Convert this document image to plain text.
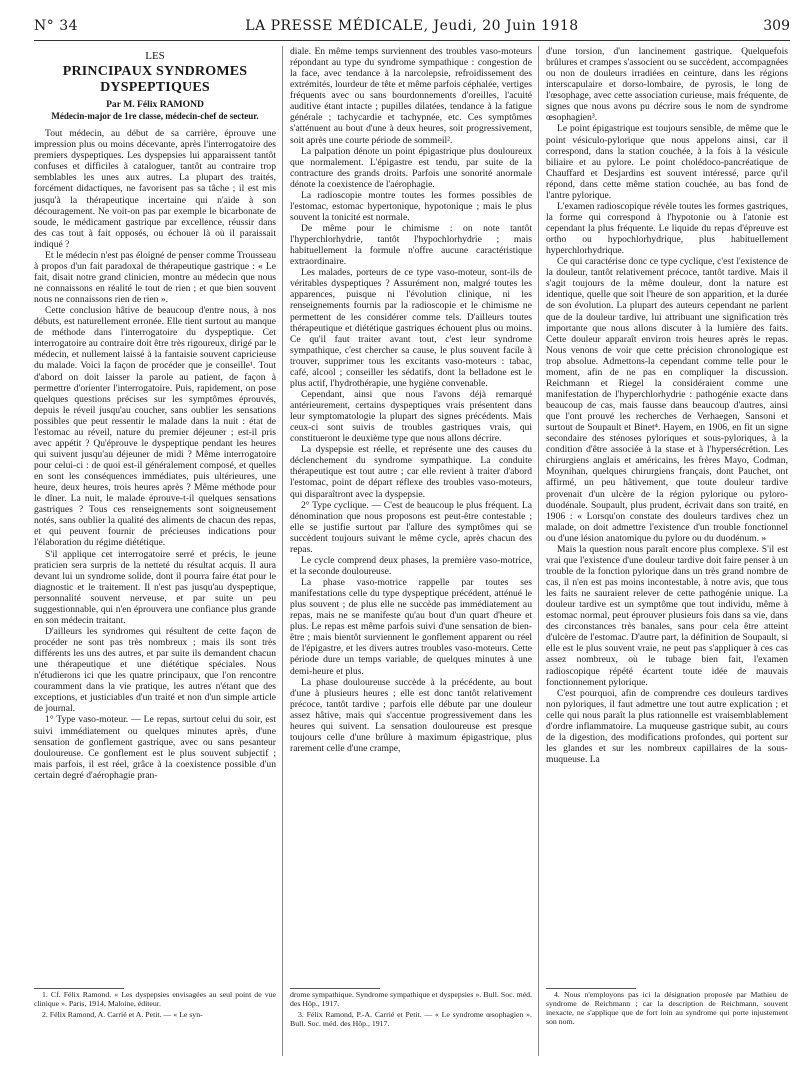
N° 34	LA PRESSE MÉDICALE, Jeudi, 20 Juin 1918	309
LES
PRINCIPAUX SYNDROMES DYSPEPTIQUES
Par M. Félix RAMOND
Médecin-major de 1re classe, médecin-chef de secteur.

Tout médecin, au début de sa carrière, éprouve une impression plus ou moins décevante, après l'interrogatoire des premiers dyspeptiques. Les dyspepsies lui apparaissent tantôt confuses et difficiles à cataloguer, tantôt au contraire trop semblables les unes aux autres. La plupart des traités, forcément didactiques, ne favorisent pas sa tâche ; il est mis jusqu'à la thérapeutique incertaine qui n'aide à son découragement. Ne voit-on pas par exemple le bicarbonate de soude, le médicament gastrique par excellence, réussir dans des cas tout à fait opposés, ou échouer là où il paraissait indiqué ?

Et le médecin n'est pas éloigné de penser comme Trousseau à propos d'un fait paradoxal de thérapeutique gastrique : « Le fait, disait notre grand clinicien, montre au médecin que nous ne connaissons en réalité le tout de rien ; et que bien souvent nous ne connaissons rien de rien ».

Cette conclusion hâtive de beaucoup d'entre nous, à nos débuts, est naturellement erronée. Elle tient surtout au manque de méthode dans l'interrogatoire du dyspeptique. Cet interrogatoire au contraire doit être très rigoureux, dirigé par le médecin, et nullement laissé à la fantaisie souvent capricieuse du malade. Voici la façon de procéder que je conseille¹. Tout d'abord on doit laisser la parole au patient, de façon à permettre d'orienter l'interrogatoire. Puis, rapidement, on pose quelques questions précises sur les symptômes éprouvés, depuis le réveil jusqu'au coucher, sans oublier les sensations possibles que peut ressentir le malade dans la nuit : état de l'estomac au réveil, nature du premier déjeuner ; est-il pris avec appétit ? Qu'éprouve le dyspeptique pendant les heures qui suivent jusqu'au déjeuner de midi ? Même interrogatoire pour celui-ci : de quoi est-il généralement composé, et quelles en sont les conséquences immédiates, puis ultérieures, une heure, deux heures, trois heures après ? Même méthode pour le dîner. La nuit, le malade éprouve-t-il quelques sensations gastriques ? Tous ces renseignements sont soigneusement notés, sans oublier la qualité des aliments de chacun des repas, et qui peuvent fournir de précieuses indications pour l'élaboration du régime diététique.

S'il applique cet interrogatoire serré et précis, le jeune praticien sera surpris de la netteté du résultat acquis. Il aura devant lui un syndrome solide, dont il pourra faire état pour le diagnostic et le traitement. Il n'est pas jusqu'au dyspeptique, personnalité souvent nerveuse, et par suite un peu suggestionnable, qui n'en éprouvera une confiance plus grande en son médecin traitant.

D'ailleurs les syndromes qui résultent de cette façon de procéder ne sont pas très nombreux ; mais ils sont très différents les uns des autres, et par suite ils demandent chacun une thérapeutique et une diététique spéciales. Nous n'étudierons ici que les quatre principaux, que l'on rencontre couramment dans la vie pratique, les autres n'étant que des exceptions, et justiciables d'un traité et non d'un simple article de journal.

1° Type vaso-moteur. — Le repas, surtout celui du soir, est suivi immédiatement ou quelques minutes après, d'une sensation de gonflement gastrique, avec ou sans pesanteur douloureuse. Ce gonflement est le plus souvent subjectif ; mais parfois, il est réel, grâce à la coexistence possible d'un certain degré d'aérophagie pran-

diale. En même temps surviennent des troubles vaso-moteurs répondant au type du syndrome sympathique : congestion de la face, avec tendance à la narcolepsie, refroidissement des extrémités, lourdeur de tête et même parfois céphalée, vertiges fréquents avec ou sans bourdonnements d'oreilles, l'acuité auditive étant intacte ; pupilles dilatées, tendance à la fatigue générale ; tachycardie et tachypnée, etc. Ces symptômes s'atténuent au bout d'une à deux heures, soit progressivement, soit après une courte période de sommeil².

La palpation dénote un point épigastrique plus douloureux que normalement. L'épigastre est tendu, par suite de la contracture des grands droits. Parfois une sonorité anormale dénote la coexistence de l'aérophagie.

La radioscopie montre toutes les formes possibles de l'estomac, estomac hypertonique, hypotonique ; mais le plus souvent la tonicité est normale.

De même pour le chimisme : on note tantôt l'hyperchlorhydrie, tantôt l'hypochlorhydrie ; mais habituellement la formule n'offre aucune caractéristique extraordinaire.

Les malades, porteurs de ce type vaso-moteur, sont-ils de véritables dyspeptiques ? Assurément non, malgré toutes les apparences, puisque ni l'évolution clinique, ni les renseignements fournis par la radioscopie et le chimisme ne permettent de les considérer comme tels. D'ailleurs toutes thérapeutique et diététique gastriques échouent plus ou moins. Ce qu'il faut traiter avant tout, c'est leur syndrome sympathique, c'est chercher sa cause, le plus souvent facile à trouver, supprimer tous les excitants vaso-moteurs : tabac, café, alcool ; conseiller les sédatifs, dont la belladone est le plus actif, l'hydrothérapie, une hygiène convenable.

Cependant, ainsi que nous l'avons déjà remarqué antérieurement, certains dyspeptiques vrais présentent dans leur symptomatologie la plupart des signes précédents. Mais ceux-ci sont suivis de troubles gastriques vrais, qui constitueront le deuxième type que nous allons décrire.

La dyspepsie est réelle, et représente une des causes du déclenchement du syndrome sympathique. La conduite thérapeutique est tout autre ; car elle revient à traiter d'abord l'estomac, point de départ réflexe des troubles vaso-moteurs, qui disparaîtront avec la dyspepsie.

2° Type cyclique. — C'est de beaucoup le plus fréquent. La dénomination que nous proposons est peut-être contestable ; elle se justifie surtout par l'allure des symptômes qui se succèdent toujours suivant le même cycle, après chacun des repas.

Le cycle comprend deux phases, la première vaso-motrice, et la seconde douloureuse.

La phase vaso-motrice rappelle par toutes ses manifestations celle du type dyspeptique précédent, atténué le plus souvent ; de plus elle ne succède pas immédiatement au repas, mais ne se manifeste qu'au bout d'un quart d'heure et plus. Le repas est même parfois suivi d'une sensation de bien-être ; mais bientôt surviennent le gonflement apparent ou réel de l'épigastre, et les divers autres troubles vaso-moteurs. Cette période dure un temps variable, de quelques minutes à une demi-heure et plus.

La phase douloureuse succède à la précédente, au bout d'une à plusieurs heures ; elle est donc tantôt relativement précoce, tantôt tardive ; parfois elle débute par une douleur assez hâtive, mais qui s'accentue progressivement dans les heures qui suivent. La sensation douloureuse est presque toujours celle d'une brûlure à maximum épigastrique, plus rarement celle d'une crampe,

d'une torsion, d'un lancinement gastrique. Quelquefois brûlures et crampes s'associent ou se succèdent, accompagnées ou non de douleurs irradiées en ceinture, dans les régions interscapulaire et dorso-lombaire, de pyrosis, le long de l'œsophage, avec cette association curieuse, mais fréquente, de signes que nous avons pu décrire sous le nom de syndrome œsophagien³.

Le point épigastrique est toujours sensible, de même que le point vésiculo-pylorique que nous appelons ainsi, car il correspond, dans la station couchée, à la fois à la vésicule biliaire et au pylore. Le point cholédoco-pancréatique de Chauffard et Desjardins est souvent intéressé, parce qu'il répond, dans cette même station couchée, au bas fond de l'antre pylorique.

L'examen radioscopique révèle toutes les formes gastriques, la forme qui correspond à l'hypotonie ou à l'atonie est cependant la plus fréquente. Le liquide du repas d'épreuve est ortho ou hypochlorhydrique, plus habituellement hyperchlorhydrique.

Ce qui caractérise donc ce type cyclique, c'est l'existence de la douleur, tantôt relativement précoce, tantôt tardive. Mais il s'agit toujours de la même douleur, dont la nature est identique, quelle que soit l'heure de son apparition, et la durée de son évolution. La plupart des auteurs cependant ne parlent que de la douleur tardive, lui attribuant une signification très importante que nous allons discuter à la lumière des faits. Cette douleur apparaît environ trois heures après le repas. Nous venons de voir que cette précision chronologique est trop absolue. Admettons-la cependant comme telle pour le moment, afin de ne pas en compliquer la discussion. Reichmann et Riegel la considéraient comme une manifestation de l'hyperchlorhydrie : pathogénie exacte dans beaucoup de cas, mais fausse dans beaucoup d'autres, ainsi que l'ont prouvé les recherches de Verhaegen, Sansoni et surtout de Soupault et Binet⁴. Hayem, en 1906, en fit un signe secondaire des sténoses pyloriques et sous-pyloriques, à la condition d'être associée à la stase et à l'hypersécrétion. Les chirurgiens anglais et américains, les frères Mayo, Codman, Moynihan, quelques chirurgiens français, dont Pauchet, ont affirmé, un peu hâtivement, que toute douleur tardive provenait d'un ulcère de la région pylorique ou pyloro-duodénale. Soupault, plus prudent, écrivait dans son traité, en 1906 : « Lorsqu'on constate des douleurs tardives chez un malade, on doit admettre l'existence d'un trouble fonctionnel ou d'une lésion anatomique du pylore ou du duodénum. »

Mais la question nous paraît encore plus complexe. S'il est vrai que l'existence d'une douleur tardive doit faire penser à un trouble de la fonction pylorique dans un très grand nombre de cas, il n'en est pas moins incontestable, à notre avis, que tous les faits ne sauraient relever de cette pathogénie unique. La douleur tardive est un symptôme que tout individu, même à estomac normal, peut éprouver plusieurs fois dans sa vie, dans des circonstances très banales, sans pour cela être atteint d'ulcère de l'estomac. D'autre part, la définition de Soupault, si elle est le plus souvent vraie, ne peut pas s'appliquer à ces cas assez nombreux, où le tubage bien fait, l'examen radioscopique répété écartent toute idée de mauvais fonctionnement pylorique.

C'est pourquoi, afin de comprendre ces douleurs tardives non pyloriques, il faut admettre une tout autre explication ; et celle qui nous paraît la plus rationnelle est vraisemblablement d'ordre inflammatoire. La muqueuse gastrique subit, au cours de la digestion, des modifications profondes, qui portent sur les glandes et sur les nombreux capillaires de la sous-muqueuse. La

1. Cf. Félix Ramond. « Les dyspepsies envisagées au seul point de vue clinique ». Paris, 1914, Maloine, éditeur.

2. Félix Ramond, A. Carrié et A. Petit. — « Le syn-

drome sympathique. Syndrome sympathique et dyspepsies ». Bull. Soc. méd. des Hôp., 1917.

3. Félix Ramond, P.-A. Carrié et Petit. — « Le syndrome œsophagien ». Bull. Soc. méd. des Hôp., 1917.

4. Nous n'employons pas ici la désignation proposée par Mathieu de syndrome de Reichmann ; car la description de Reichmann, souvent inexacte, ne s'applique que de fort loin au syndrome qui porte injustement son nom.
